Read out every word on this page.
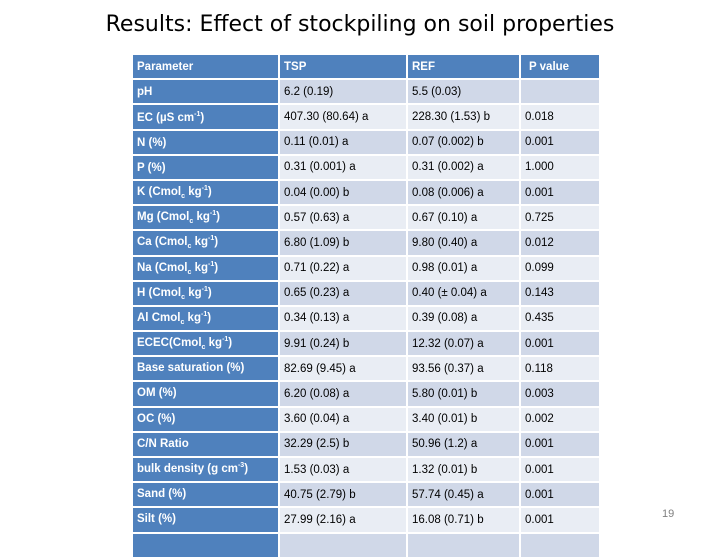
Results: Effect of stockpiling on soil properties
Parameter	TSP	REF	P value
pH	6.2 (0.19)	5.5 (0.03)	
EC (µS $cm^{-1}$)	407.30 (80.64) a	228.30 (1.53) b	0.018
N (%)	0.11 (0.01) a	0.07 (0.002) b	0.001
P (%)	0.31 (0.001) a	0.31 (0.002) a	1.000
K (Cmol$_c$ $kg^{-1}$)	0.04 (0.00) b	0.08 (0.006) a	0.001
Mg (Cmol$_c$ $kg^{-1}$)	0.57 (0.63) a	0.67 (0.10) a	0.725
Ca (Cmol$_c$ $kg^{-1}$)	6.80 (1.09) b	9.80 (0.40) a	0.012
Na (Cmol$_c$ $kg^{-1}$)	0.71 (0.22) a	0.98 (0.01) a	0.099
H (Cmol$_c$ $kg^{-1}$)	0.65 (0.23) a	0.40 (± 0.04) a	0.143
Al Cmol$_c$ $kg^{-1}$)	0.34 (0.13) a	0.39 (0.08) a	0.435
ECEC(Cmol$_c$ $kg^{-1}$)	9.91 (0.24) b	12.32 (0.07) a	0.001
Base saturation (%)	82.69 (9.45) a	93.56 (0.37) a	0.118
OM (%)	6.20 (0.08) a	5.80 (0.01) b	0.003
OC (%)	3.60 (0.04) a	3.40 (0.01) b	0.002
C/N Ratio	32.29 (2.5) b	50.96 (1.2) a	0.001
bulk density (g $cm^{-3}$)	1.53 (0.03) a	1.32 (0.01) b	0.001
Sand (%)	40.75 (2.79) b	57.74 (0.45) a	0.001
Silt (%)	27.99 (2.16) a	16.08 (0.71) b	0.001
				19
